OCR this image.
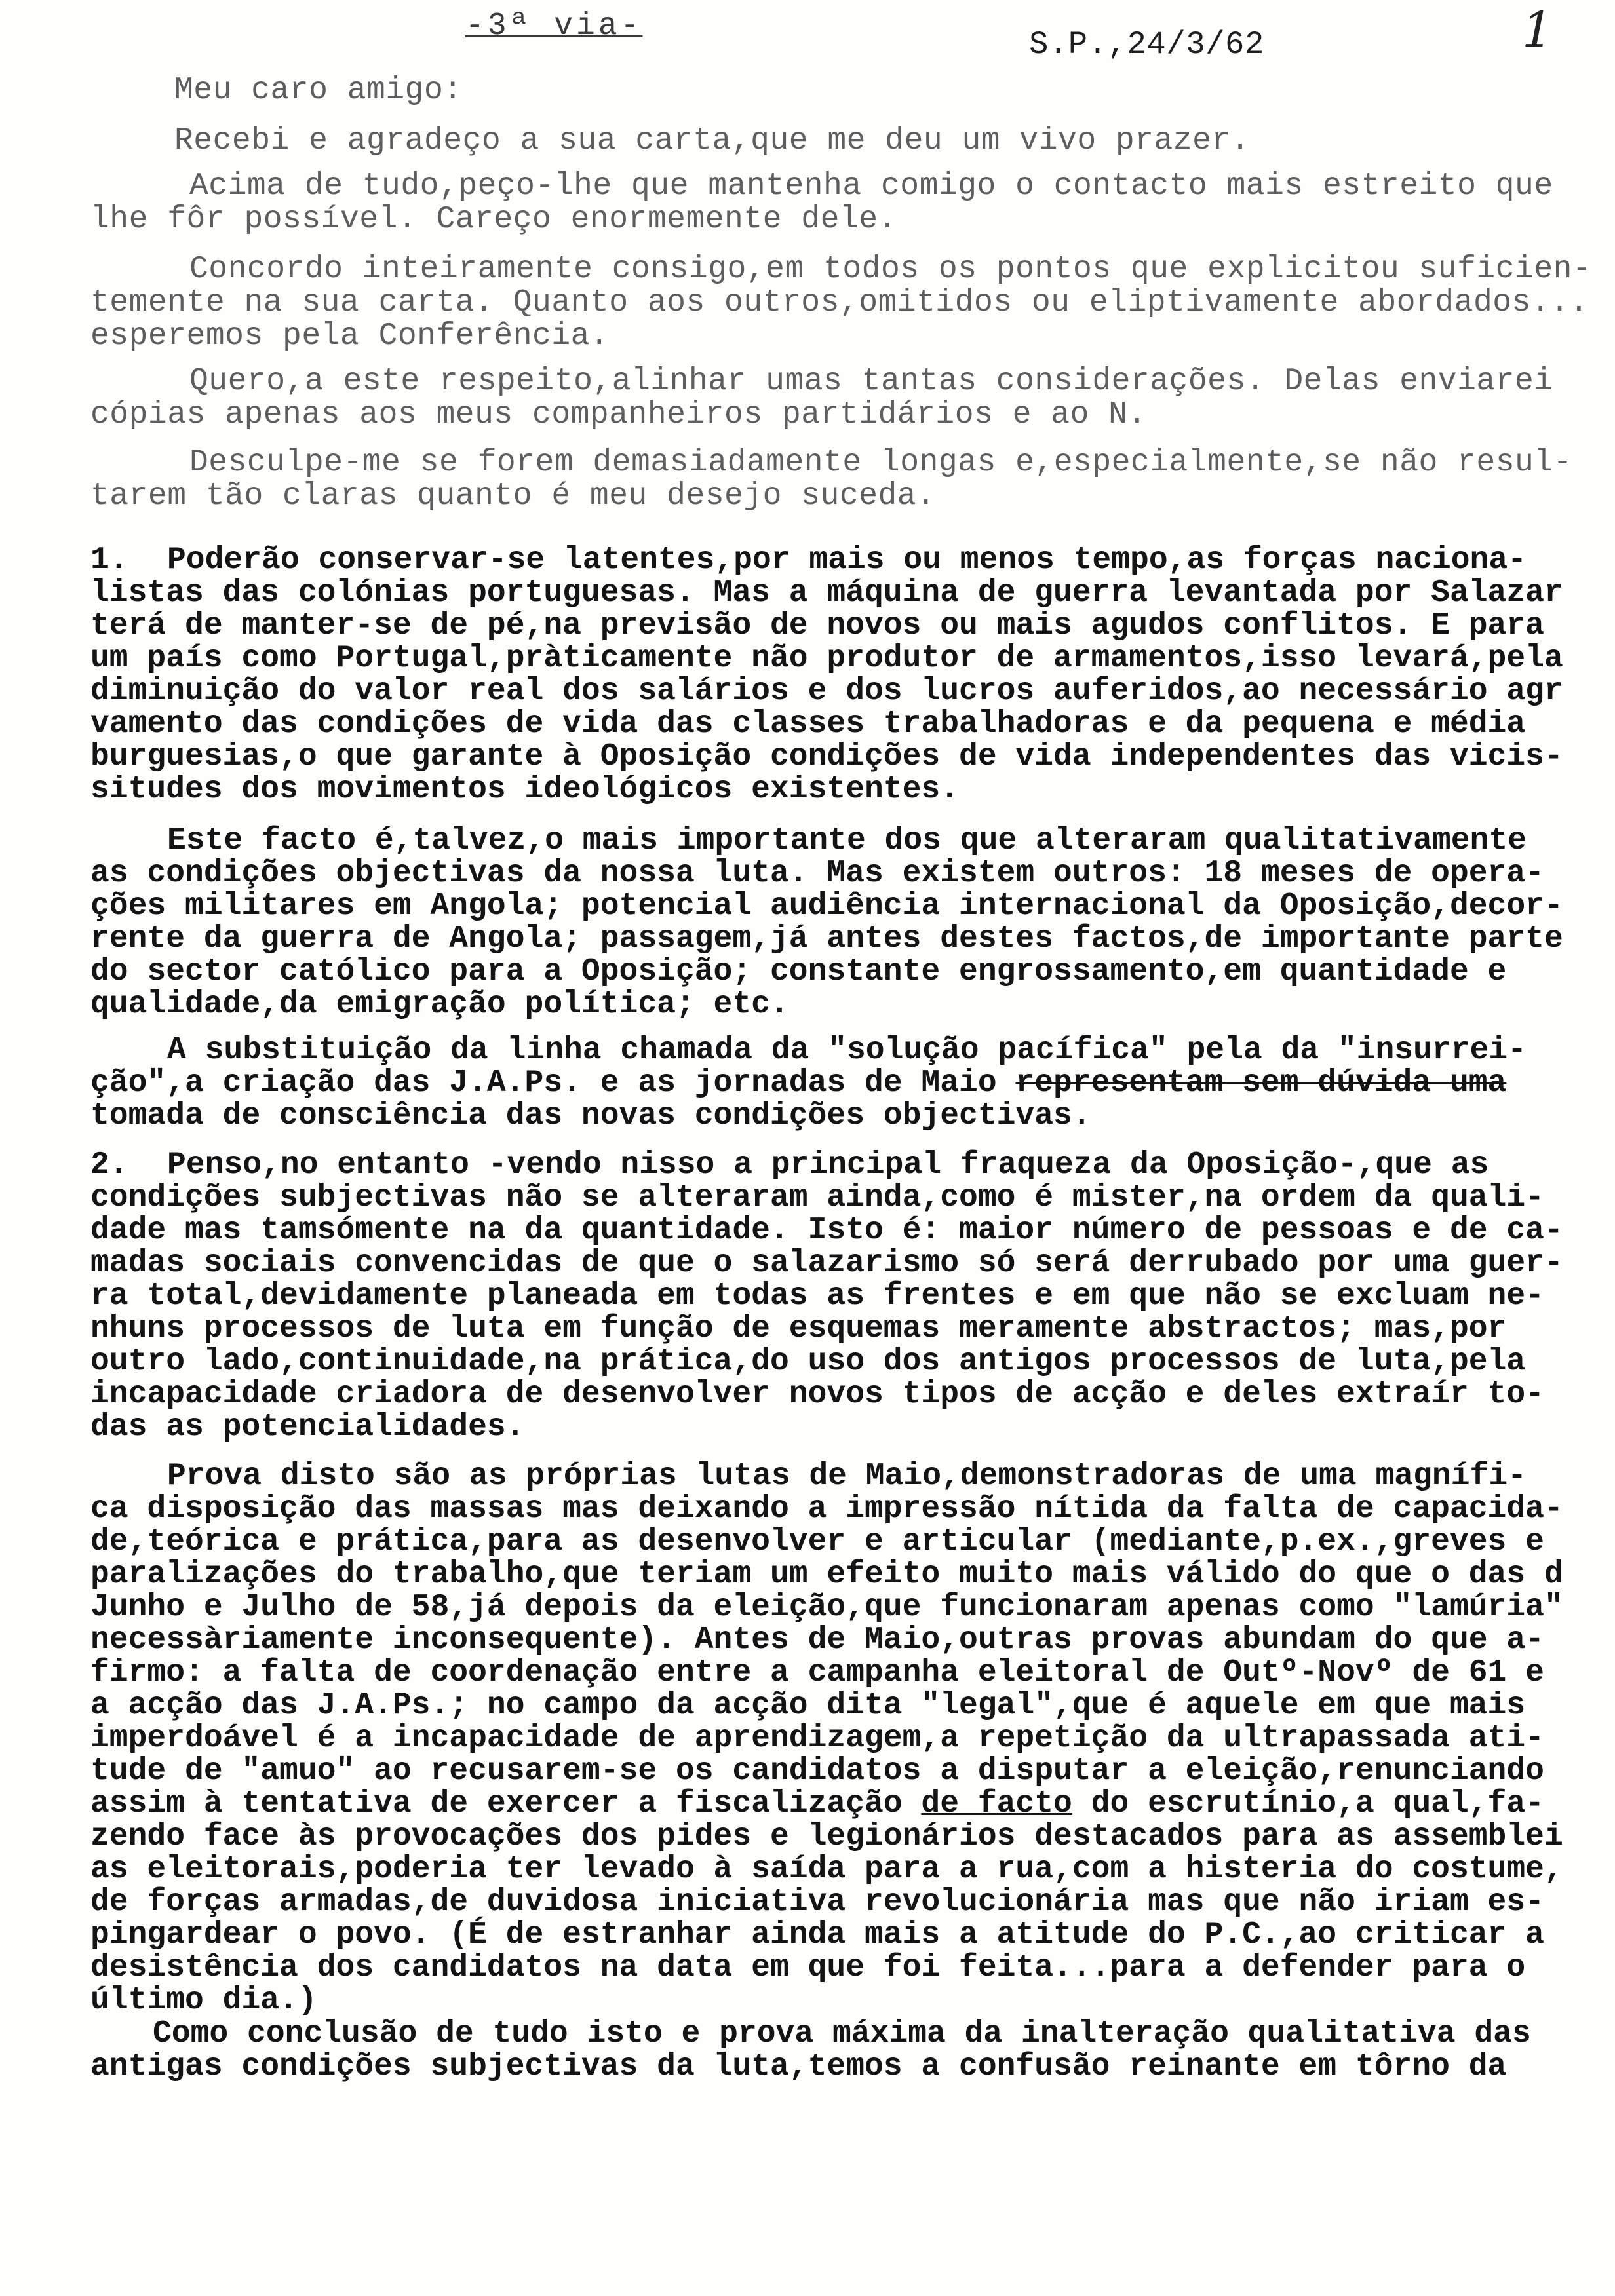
-3ª via-	S.P.,24/3/62	1
Meu caro amigo:
Recebi e agradeço a sua carta,que me deu um vivo prazer.
Acima de tudo,peço-lhe que mantenha comigo o contacto mais estreito que
lhe fôr possível. Careço enormemente dele.
Concordo inteiramente consigo,em todos os pontos que explicitou suficien-
temente na sua carta. Quanto aos outros,omitidos ou eliptivamente abordados...
esperemos pela Conferência.
Quero,a este respeito,alinhar umas tantas considerações. Delas enviarei
cópias apenas aos meus companheiros partidários e ao N.
Desculpe-me se forem demasiadamente longas e,especialmente,se não resul-
tarem tão claras quanto é meu desejo suceda.
1.	Poderão conservar-se latentes,por mais ou menos tempo,as forças naciona-
listas das colónias portuguesas. Mas a máquina de guerra levantada por Salazar
terá de manter-se de pé,na previsão de novos ou mais agudos conflitos. E para
um país como Portugal,pràticamente não produtor de armamentos,isso levará,pela
diminuição do valor real dos salários e dos lucros auferidos,ao necessário agr
vamento das condições de vida das classes trabalhadoras e da pequena e média
burguesias,o que garante à Oposição condições de vida independentes das vicis-
situdes dos movimentos ideológicos existentes.
Este facto é,talvez,o mais importante dos que alteraram qualitativamente
as condições objectivas da nossa luta. Mas existem outros: 18 meses de opera-
ções militares em Angola; potencial audiência internacional da Oposição,decor-
rente da guerra de Angola; passagem,já antes destes factos,de importante parte
do sector católico para a Oposição; constante engrossamento,em quantidade e
qualidade,da emigração política; etc.
A substituição da linha chamada da "solução pacífica" pela da "insurrei-
ção",a criação das J.A.Ps. e as jornadas de Maio representam sem dúvida uma
tomada de consciência das novas condições objectivas.
2.	Penso,no entanto -vendo nisso a principal fraqueza da Oposição-,que as
condições subjectivas não se alteraram ainda,como é mister,na ordem da quali-
dade mas tamsómente na da quantidade. Isto é: maior número de pessoas e de ca-
madas sociais convencidas de que o salazarismo só será derrubado por uma guer-
ra total,devidamente planeada em todas as frentes e em que não se excluam ne-
nhuns processos de luta em função de esquemas meramente abstractos; mas,por
outro lado,continuidade,na prática,do uso dos antigos processos de luta,pela
incapacidade criadora de desenvolver novos tipos de acção e deles extraír to-
das as potencialidades.
Prova disto são as próprias lutas de Maio,demonstradoras de uma magnífi-
ca disposição das massas mas deixando a impressão nítida da falta de capacida-
de,teórica e prática,para as desenvolver e articular (mediante,p.ex.,greves e
paralizações do trabalho,que teriam um efeito muito mais válido do que o das d
Junho e Julho de 58,já depois da eleição,que funcionaram apenas como "lamúria"
necessàriamente inconsequente). Antes de Maio,outras provas abundam do que a-
firmo: a falta de coordenação entre a campanha eleitoral de Outº-Novº de 61 e
a acção das J.A.Ps.; no campo da acção dita "legal",que é aquele em que mais
imperdoável é a incapacidade de aprendizagem,a repetição da ultrapassada ati-
tude de "amuo" ao recusarem-se os candidatos a disputar a eleição,renunciando
assim à tentativa de exercer a fiscalização de facto do escrutínio,a qual,fa-
zendo face às provocações dos pides e legionários destacados para as assemblei
as eleitorais,poderia ter levado à saída para a rua,com a histeria do costume,
de forças armadas,de duvidosa iniciativa revolucionária mas que não iriam es-
pingardear o povo. (É de estranhar ainda mais a atitude do P.C.,ao criticar a
desistência dos candidatos na data em que foi feita...para a defender para o
último dia.)
Como conclusão de tudo isto e prova máxima da inalteração qualitativa das
antigas condições subjectivas da luta,temos a confusão reinante em tôrno da
